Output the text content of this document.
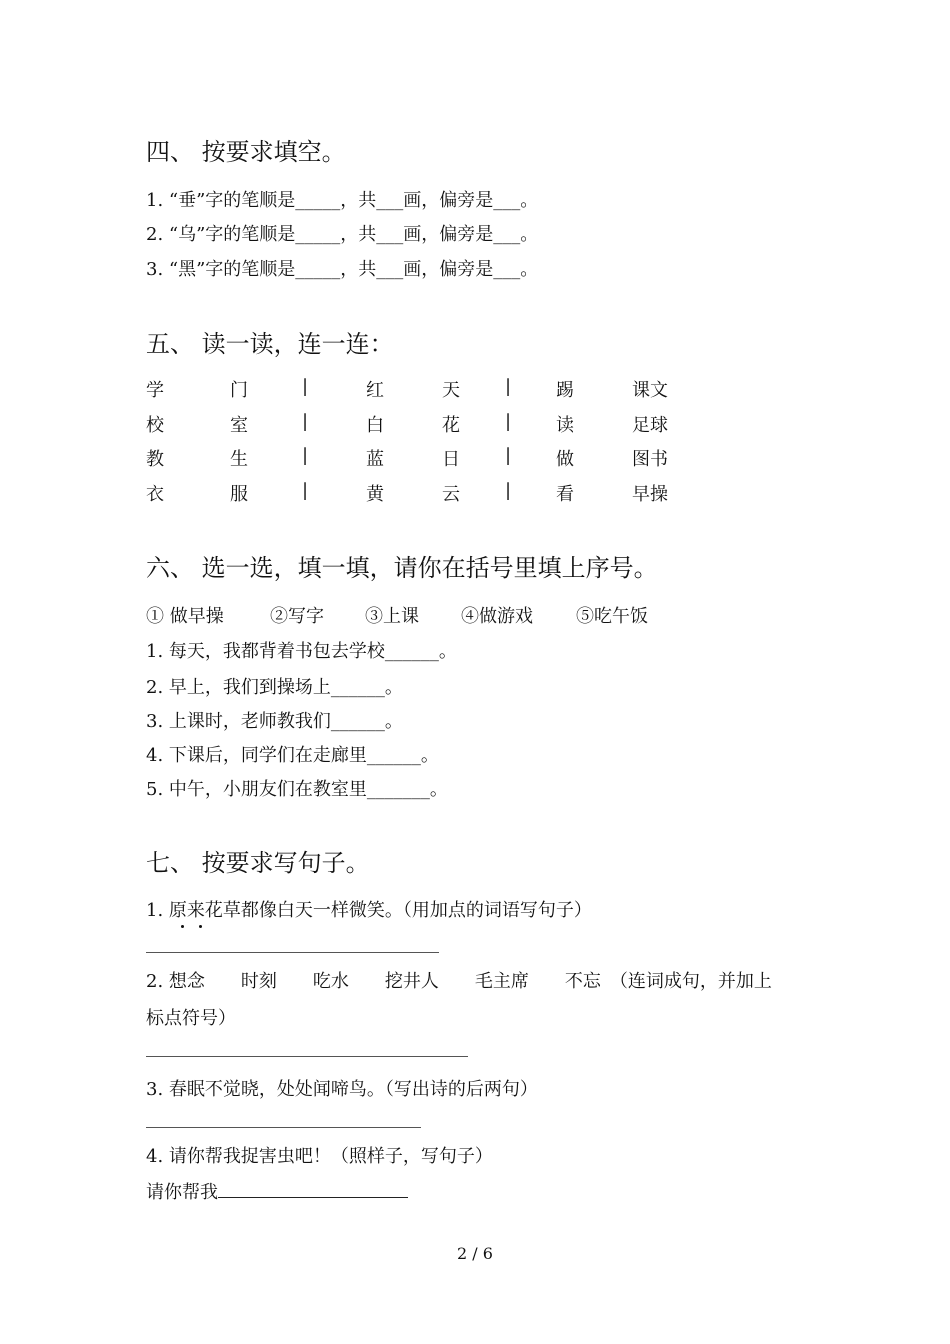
四、 按要求填空。
1. “垂”字的笔顺是_____，共___画，偏旁是___。
2. “乌”字的笔顺是_____，共___画，偏旁是___。
3. “黑”字的笔顺是_____，共___画，偏旁是___。
五、 读一读，连一连：
学	门	|	红	天	| 踢	课文
校	室	|	白	花	| 读	足球
教	生	|	蓝	日	| 做	图书
衣	服	|	黄	云	| 看	早操
六、 选一选，填一填，请你在括号里填上序号。
① 做早操	②写字 ③上课 ④做游戏 ⑤吃午饭
1. 每天，我都背着书包去学校______。
2. 早上，我们到操场上______。
3. 上课时，老师教我们______。
4. 下课后，同学们在走廊里______。
5. 中午，小朋友们在教室里_______。
七、 按要求写句子。
1. 原来花草都像白天一样微笑。（用加点的词语写句子）
2. 想念　　时刻　　吃水　　挖井人　　毛主席　　不忘　（连词成句，并加上
标点符号）
3. 春眠不觉晓，处处闻啼鸟。（写出诗的后两句）
4. 请你帮我捉害虫吧！（照样子，写句子）
请你帮我
2 / 6
